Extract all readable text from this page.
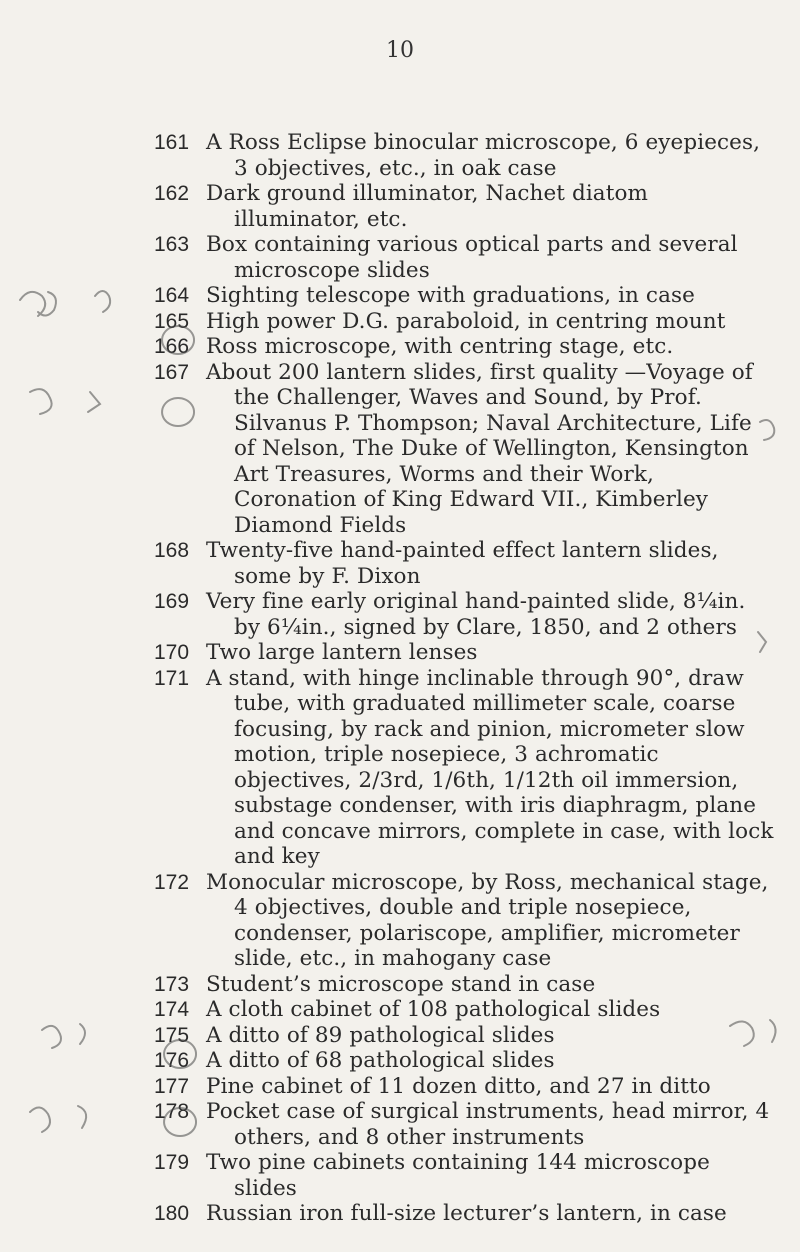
10
161 A Ross Eclipse binocular microscope, 6 eyepieces, 3 objectives, etc., in oak case
162 Dark ground illuminator, Nachet diatom illuminator, etc.
163 Box containing various optical parts and several microscope slides
164 Sighting telescope with graduations, in case
165 High power D.G. paraboloid, in centring mount
166 Ross microscope, with centring stage, etc.
167 About 200 lantern slides, first quality —Voyage of the Challenger, Waves and Sound, by Prof. Silvanus P. Thompson; Naval Architecture, Life of Nelson, The Duke of Wellington, Kensington Art Treasures, Worms and their Work, Coronation of King Edward VII., Kimberley Diamond Fields
168 Twenty-five hand-painted effect lantern slides, some by F. Dixon
169 Very fine early original hand-painted slide, 8¼in. by 6¼in., signed by Clare, 1850, and 2 others
170 Two large lantern lenses
171 A stand, with hinge inclinable through 90°, draw tube, with graduated millimeter scale, coarse focusing, by rack and pinion, micrometer slow motion, triple nosepiece, 3 achromatic objectives, 2/3rd, 1/6th, 1/12th oil immersion, substage condenser, with iris diaphragm, plane and concave mirrors, complete in case, with lock and key
172 Monocular microscope, by Ross, mechanical stage, 4 objectives, double and triple nosepiece, condenser, polariscope, amplifier, micrometer slide, etc., in mahogany case
173 Student’s microscope stand in case
174 A cloth cabinet of 108 pathological slides
175 A ditto of 89 pathological slides
176 A ditto of 68 pathological slides
177 Pine cabinet of 11 dozen ditto, and 27 in ditto
178 Pocket case of surgical instruments, head mirror, 4 others, and 8 other instruments
179 Two pine cabinets containing 144 microscope slides
180 Russian iron full-size lecturer’s lantern, in case
